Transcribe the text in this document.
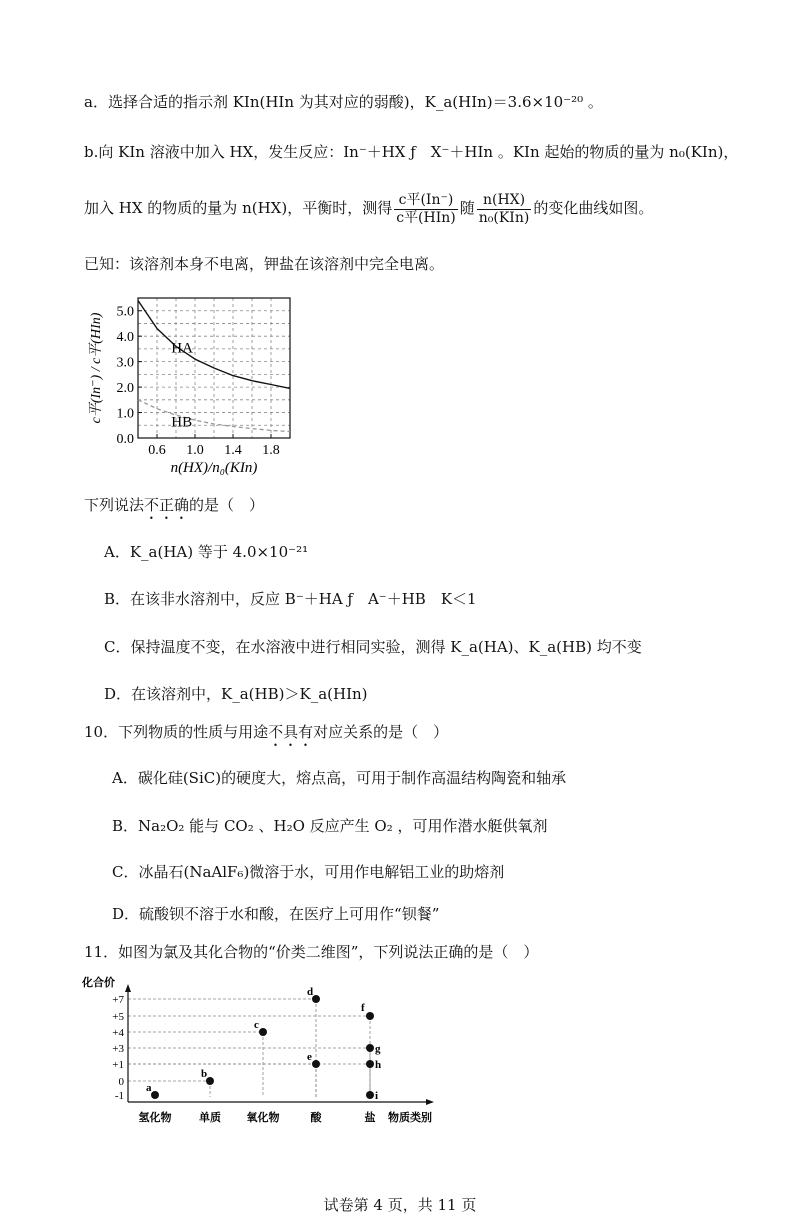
a．选择合适的指示剂 KIn(HIn 为其对应的弱酸)，K_a(HIn)＝3.6×10⁻²⁰ 。
b.向 KIn 溶液中加入 HX，发生反应：In⁻＋HX ƒ　X⁻＋HIn 。KIn 起始的物质的量为 n₀(KIn)，
加入 HX 的物质的量为 n(HX)，平衡时，测得 $\frac{\text{c平(In⁻)}}{\text{c平(HIn)}}$ 随 $\frac{n(HX)}{\text{n₀(KIn)}}$ 的变化曲线如图。
已知：该溶剂本身不电离，钾盐在该溶剂中完全电离。
0.6 1.0 1.4 1.8
0.0
1.0
2.0
3.0
4.0
5.0
n(HX)/n₀(KIn)
c平(In⁻) / c平(HIn)	HA
HB
下列说法不正确的是（　）
A．K_a(HA) 等于 4.0×10⁻²¹
B．在该非水溶剂中，反应 B⁻＋HA ƒ　A⁻＋HB　K＜1
C．保持温度不变，在水溶液中进行相同实验，测得 K_a(HA)、K_a(HB) 均不变
D．在该溶剂中，K_a(HB)＞K_a(HIn)
10．下列物质的性质与用途不具有对应关系的是（　）
A．碳化硅(SiC)的硬度大，熔点高，可用于制作高温结构陶瓷和轴承
B．Na₂O₂ 能与 CO₂ 、H₂O 反应产生 O₂ ，可用作潜水艇供氧剂
C．冰晶石(NaAlF₆)微溶于水，可用作电解铝工业的助熔剂
D．硫酸钡不溶于水和酸，在医疗上可用作“钡餐”
11．如图为氯及其化合物的“价类二维图”，下列说法正确的是（　）
化合价
物质类别
+7
+5
+4
+3
+1
0
-1
氢化物	单质 氧化物	酸	盐
a
b
c
d
e
f
g
h
i
试卷第 4 页，共 11 页
